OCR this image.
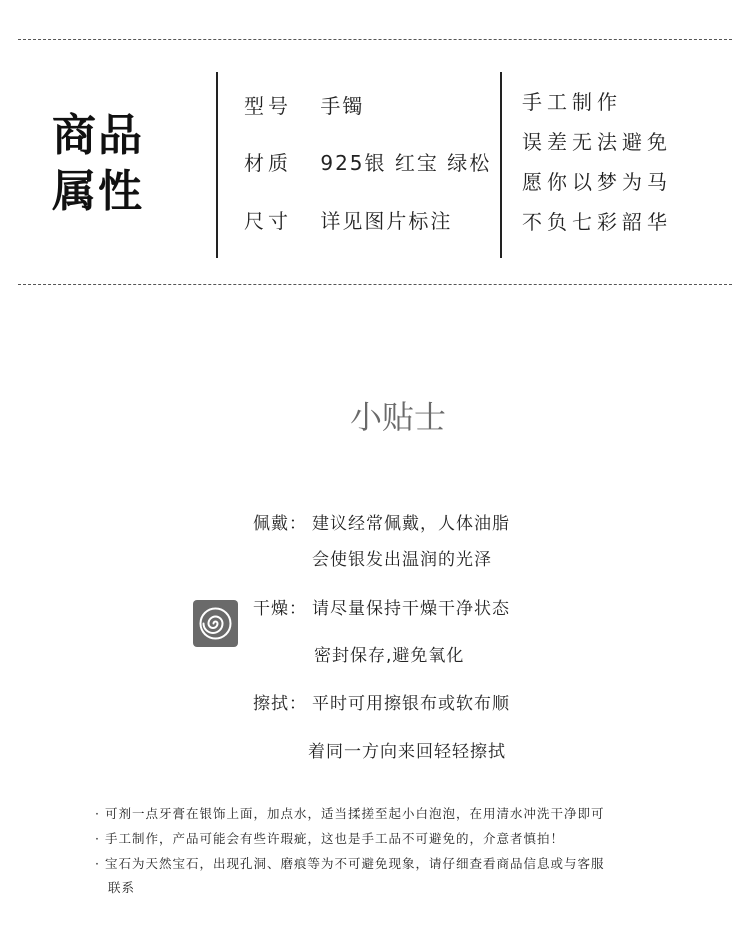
商品
属性
型号 手镯
材质 925银 红宝 绿松
尺寸 详见图片标注
手工制作
误差无法避免
愿你以梦为马
不负七彩韶华
小贴士
佩戴： 建议经常佩戴，人体油脂
会使银发出温润的光泽
干燥： 请尽量保持干燥干净状态
密封保存,避免氧化
擦拭： 平时可用擦银布或软布顺
着同一方向来回轻轻擦拭
· 可剂一点牙膏在银饰上面，加点水，适当揉搓至起小白泡泡，在用清水冲洗干净即可
· 手工制作，产品可能会有些许瑕疵，这也是手工品不可避免的，介意者慎拍！
· 宝石为天然宝石，出现孔洞、磨痕等为不可避免现象，请仔细查看商品信息或与客服
联系
